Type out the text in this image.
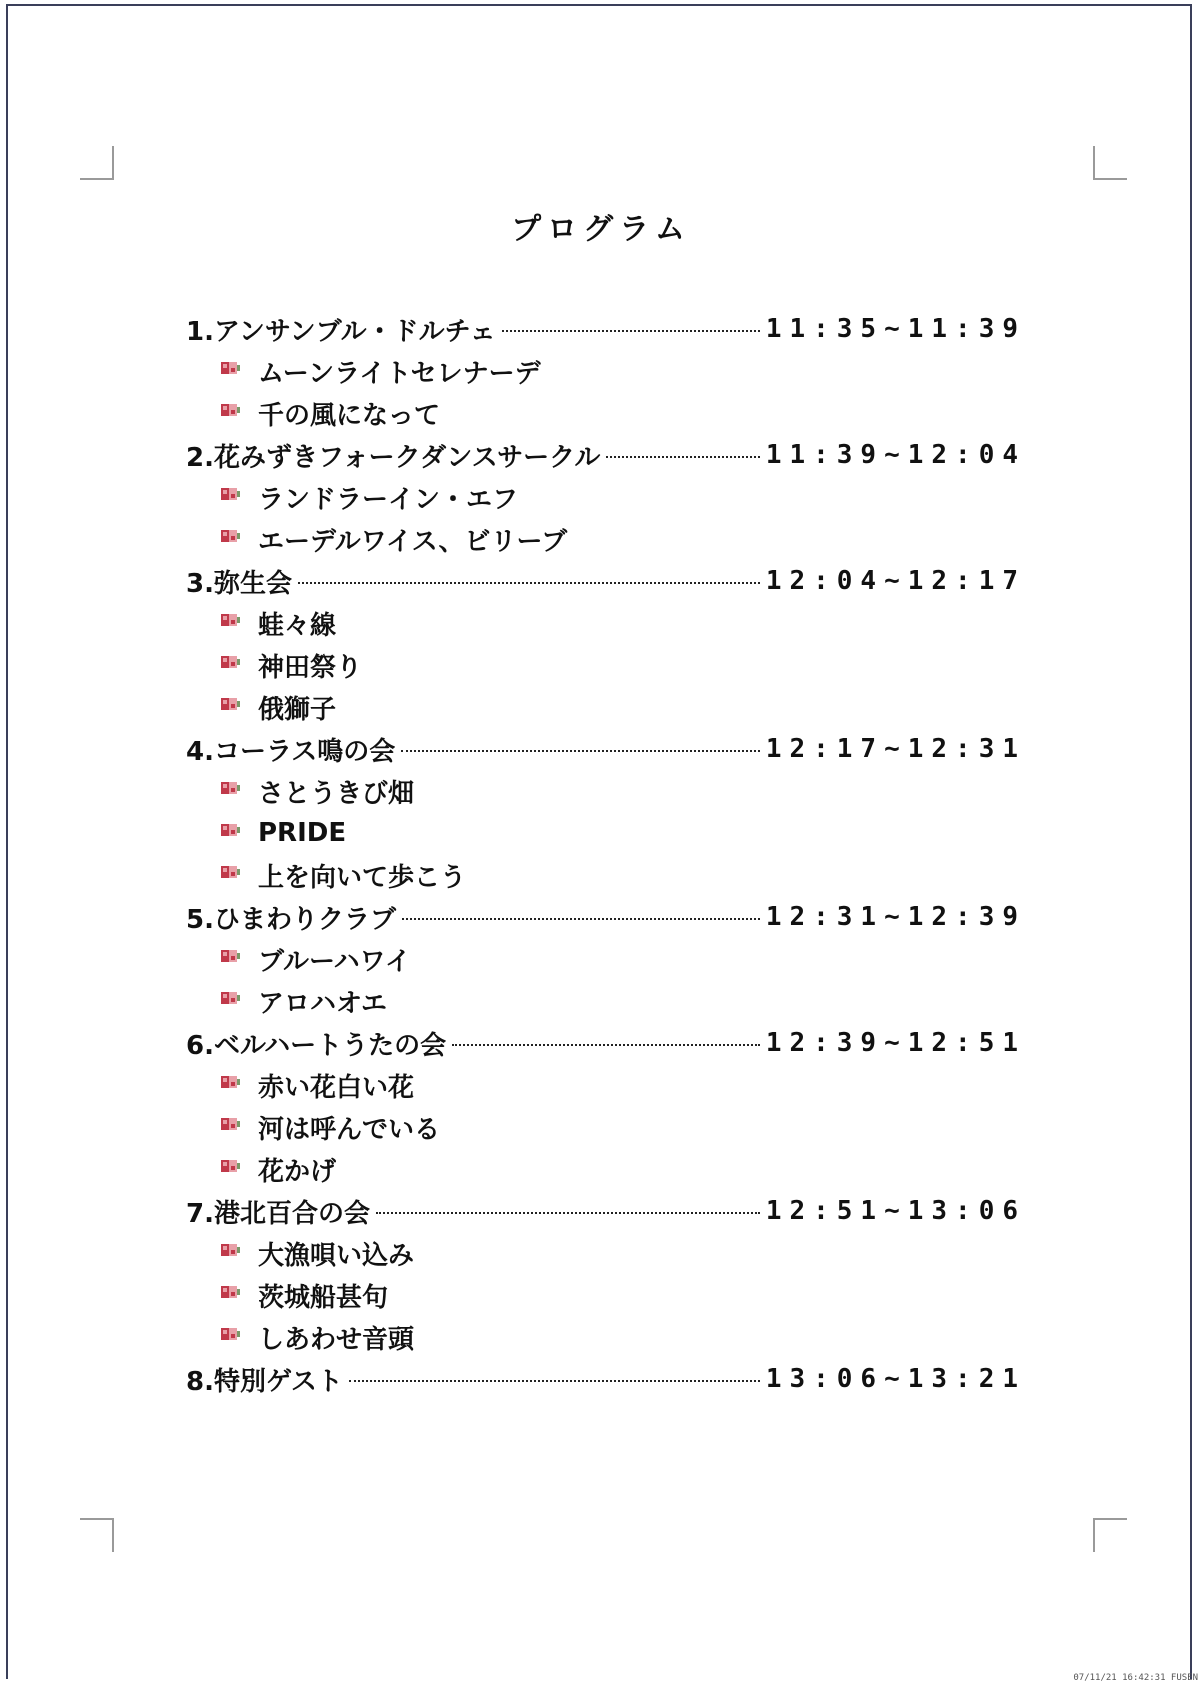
プログラム
1.アンサンブル・ドルチェ	11:35~11:39
ムーンライトセレナーデ
千の風になって
2.花みずきフォークダンスサークル	11:39~12:04
ランドラーイン・エフ
エーデルワイス、ビリーブ
3.弥生会	12:04~12:17
蛙々線
神田祭り
俄獅子
4.コーラス鳴の会	12:17~12:31
さとうきび畑
PRIDE
上を向いて歩こう
5.ひまわりクラブ	12:31~12:39
ブルーハワイ
アロハオエ
6.ベルハートうたの会	12:39~12:51
赤い花白い花
河は呼んでいる
花かげ
7.港北百合の会	12:51~13:06
大漁唄い込み
茨城船甚句
しあわせ音頭
8.特別ゲスト	13:06~13:21
07/11/21 16:42:31 FUSEN
